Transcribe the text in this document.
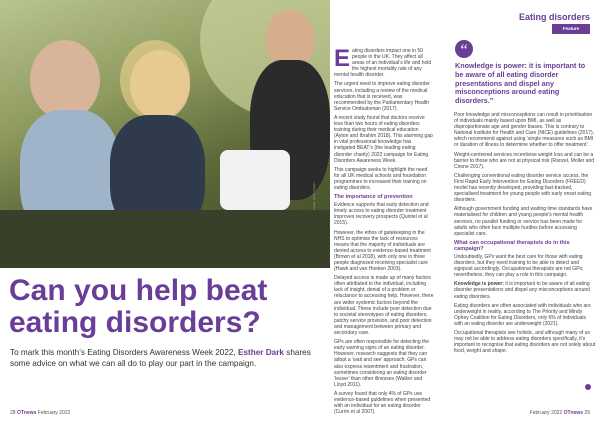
Image: Getty Images
Can you help beat eating disorders?

To mark this month’s Eating Disorders Awareness Week 2022, Esther Dark shares some advice on what we can all do to play our part in the campaign.

Eating disorders
Feature
“
Knowledge is power: it is important to be aware of all eating disorder presentations and dispel any misconceptions around eating disorders.”

Eating disorders impact one in 50 people in the UK. They affect all areas of an individual’s life and hold the highest mortality rate of any mental health disorder.

The urgent need to improve eating disorder services, including a review of the medical education that is received, was recommended by the Parliamentary Health Service Ombudsman (2017).

A recent study found that doctors receive less than two hours of eating disorders training during their medical education (Ayton and Ibrahim 2018). This alarming gap in vital professional knowledge has instigated BEAT’s (the leading eating disorder charity) 2022 campaign for Eating Disorders Awareness Week.

This campaign seeks to highlight the need for all UK medical schools and foundation programmes to increased their training on eating disorders.

The importance of prevention

Evidence supports that early detection and timely access to eating disorder treatment improves recovery prospects (Quintel et al 2015).

However, the ethos of gatekeeping in the NHS to optimise the lack of resources means that the majority of individuals are denied access to evidence-based treatment (Brown et al 2018), with only one in three people diagnosed receiving specialist care (Hawk and van Hoeken 2003).

Delayed access is made up of many factors often attributed to the individual, including lack of insight, denial of a problem or reluctance to accessing help. However, there are wider systemic factors beyond the individual. These include poor detection due to societal stereotypes of eating disorders, patchy service provision, and poor detection and management between primary and secondary care.

GPs are often responsible for detecting the early warning signs of an eating disorder. However, research suggests that they can adopt a ‘wait and see’ approach. GPs can also express resentment and frustration, sometimes considering an eating disorder ‘lesser’ than other illnesses (Walker and Lloyd 2011).

A survey found that only 4% of GPs use evidence-based guidelines when presented with an individual for an eating disorder (Currin et al 2007).

Poor knowledge and misconceptions can result in prioritisation of individuals mainly based upon BMI, as well as disproportionate age and gender biases. This is contrary to National Institute for Health and Care (NICE) guidelines (2017), which recommend against using ‘single measures such as BMI or duration of illness to determine whether to offer treatment’.

Weight-centrered services incentivise weight loss and can be a barrier to those who are not at physical risk (Ranzel, Moller and Cirone 2017).

Challenging conventional eating disorder service access, the First Rapid Early Intervention for Eating Disorders (FREED) model has recently developed, providing fast-tracked, specialised treatment for young people with early onset eating disorders.

Although government funding and waiting time standards have materialised for children and young people’s mental health services, no parallel funding or service has been made for adults who often face multiple hurdles before accessing specialist care.

What can occupational therapists do in this campaign?

Undoubtedly, GPs want the best care for those with eating disorders, but they need training to be able to detect and signpost accordingly. Occupational therapists are not GPs; nevertheless, they can play a role in this campaign.

Knowledge is power: it is important to be aware of all eating disorder presentations and dispel any misconceptions around eating disorders.

Eating disorders are often associated with individuals who are underweight in reality, according to The Priority and Mindy Ophey Coalition for Eating Disorders, only 6% of individuals with an eating disorder are underweight (2021).

Occupational therapists see holistic, and although many of us may not be able to address eating disorders specifically, it’s important to recognise that eating disorders are not solely about food, weight and shape.

28 OTnews February 2022	February 2022 OTnews 29
